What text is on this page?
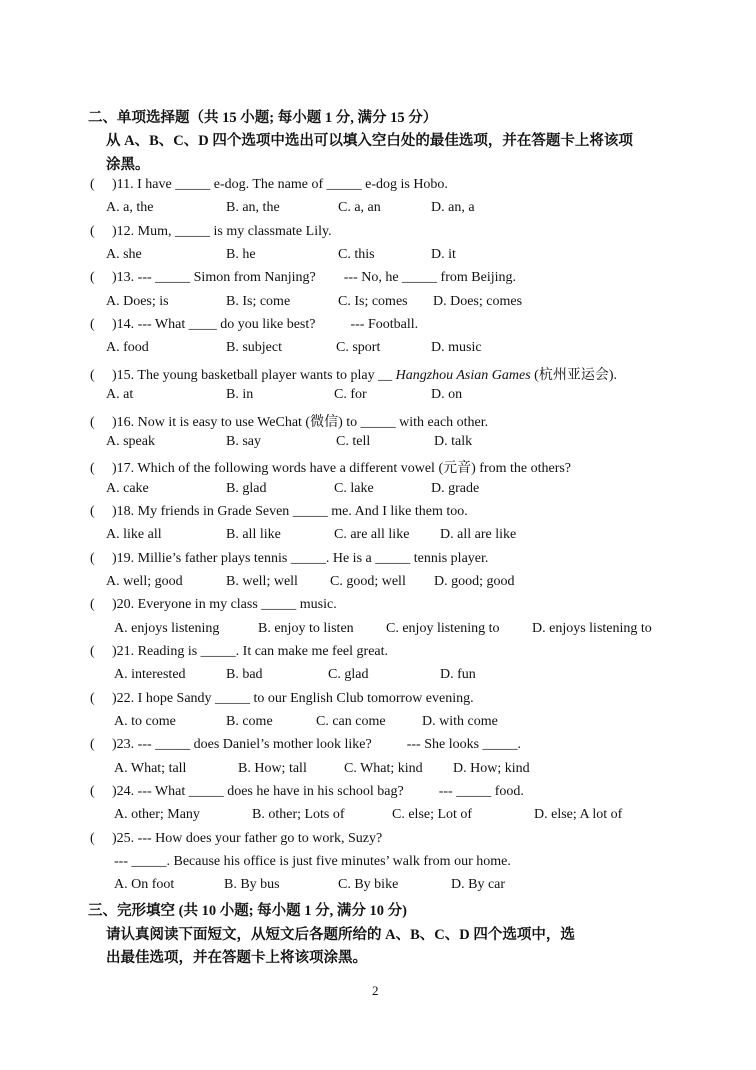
二、单项选择题（共 15 小题; 每小题 1 分, 满分 15 分）
从 A、B、C、D 四个选项中选出可以填入空白处的最佳选项，并在答题卡上将该项
涂黑。
( )11. I have _____ e-dog. The name of _____ e-dog is Hobo.
A. a, the	B. an, the	C. a, an	D. an, a
( )12. Mum, _____ is my classmate Lily.
A. she	B. he	C. this	D. it
( )13. --- _____ Simon from Nanjing?        --- No, he _____ from Beijing.
A. Does; is	B. Is; come	C. Is; comes D. Does; comes
( )14. --- What ____ do you like best?          --- Football.
A. food	B. subject	C. sport	D. music
( )15. The young basketball player wants to play __ Hangzhou Asian Games (杭州亚运会).
A. at	B. in	C. for	D. on
( )16. Now it is easy to use WeChat (微信) to _____ with each other.
A. speak	B. say	C. tell	D. talk
( )17. Which of the following words have a different vowel (元音) from the others?
A. cake	B. glad	C. lake	D. grade
( )18. My friends in Grade Seven _____ me. And I like them too.
A. like all	B. all like	C. are all like D. all are like
( )19. Millie’s father plays tennis _____. He is a _____ tennis player.
A. well; good	B. well; well C. good; well D. good; good
( )20. Everyone in my class _____ music.
A. enjoys listening	B. enjoy to listen C. enjoy listening to D. enjoys listening to
( )21. Reading is _____. It can make me feel great.
A. interested	B. bad	C. glad	D. fun
( )22. I hope Sandy _____ to our English Club tomorrow evening.
A. to come	B. come	C. can come	D. with come
( )23. --- _____ does Daniel’s mother look like?          --- She looks _____.
A. What; tall	B. How; tall	C. What; kind D. How; kind
( )24. --- What _____ does he have in his school bag?          --- _____ food.
A. other; Many	B. other; Lots of	C. else; Lot of	D. else; A lot of
( )25. --- How does your father go to work, Suzy?
--- _____. Because his office is just five minutes’ walk from our home.
A. On foot	B. By bus	C. By bike	D. By car
三、完形填空 (共 10 小题; 每小题 1 分, 满分 10 分)
请认真阅读下面短文，从短文后各题所给的 A、B、C、D 四个选项中，选
出最佳选项，并在答题卡上将该项涂黑。
2
